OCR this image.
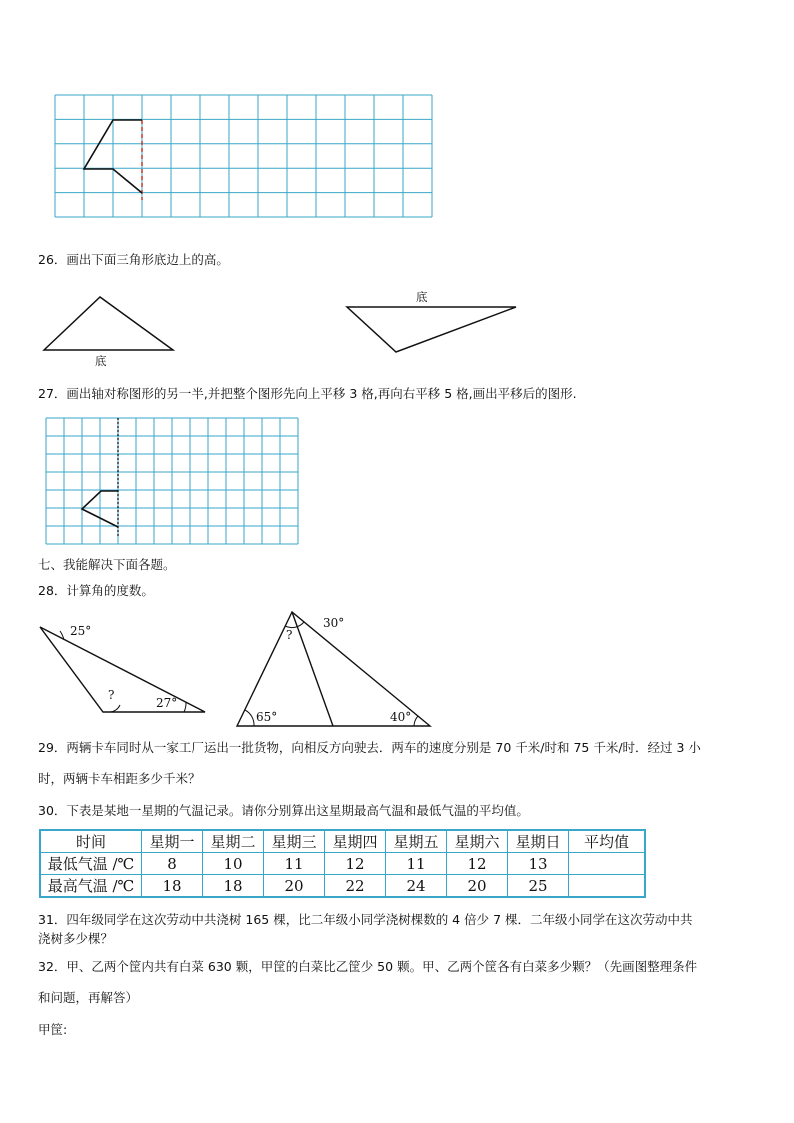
26．画出下面三角形底边上的高。
底
底
27．画出轴对称图形的另一半,并把整个图形先向上平移 3 格,再向右平移 5 格,画出平移后的图形.
七、我能解决下面各题。
28．计算角的度数。
25°
?
27°
30°
?
65°	40°
29．两辆卡车同时从一家工厂运出一批货物，向相反方向驶去．两车的速度分别是 70 千米/时和 75 千米/时．经过 3 小
时，两辆卡车相距多少千米？
30．下表是某地一星期的气温记录。请你分别算出这星期最高气温和最低气温的平均值。
时间	星期一	星期二	星期三	星期四	星期五	星期六	星期日	平均值
最低气温 /℃	8	10	11	12	11	12	13	
最高气温 /℃	18	18	20	22	24	20	25	
31．四年级同学在这次劳动中共浇树 165 棵，比二年级小同学浇树棵数的 4 倍少 7 棵．二年级小同学在这次劳动中共
浇树多少棵？
32．甲、乙两个筐内共有白菜 630 颗，甲筐的白菜比乙筐少 50 颗。甲、乙两个筐各有白菜多少颗？（先画图整理条件
和问题，再解答）
甲筐:
